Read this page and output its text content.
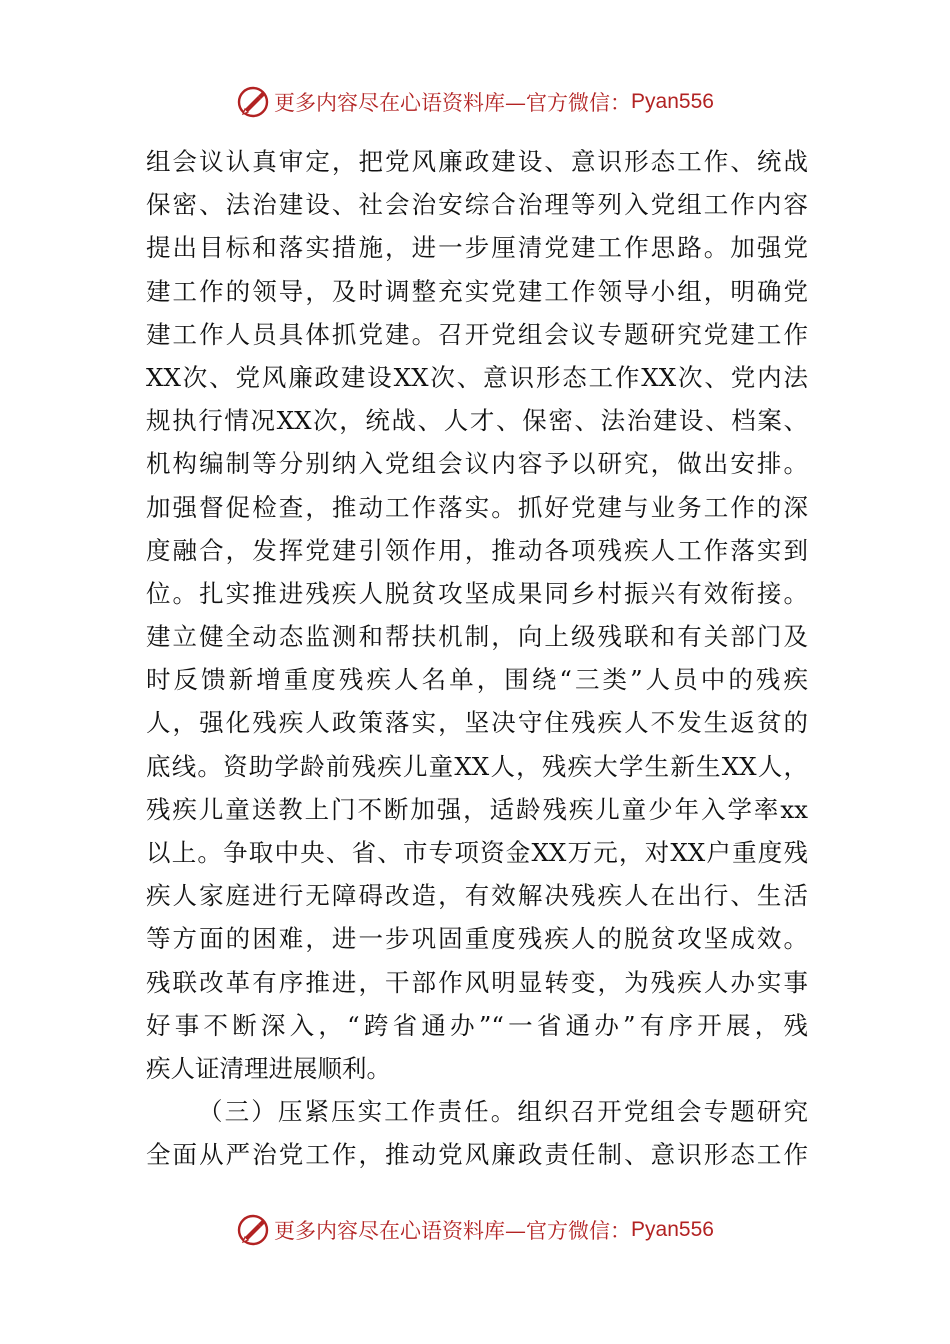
更多内容尽在心语资料库—官方微信： Pyan556
组会议认真审定，把党风廉政建设、意识形态工作、统战
保密、法治建设、社会治安综合治理等列入党组工作内容
提出目标和落实措施，进一步厘清党建工作思路。加强党
建工作的领导，及时调整充实党建工作领导小组，明确党
建工作人员具体抓党建。召开党组会议专题研究党建工作
XX次、党风廉政建设XX次、意识形态工作XX次、党内法
规执行情况XX次，统战、人才、保密、法治建设、档案、
机构编制等分别纳入党组会议内容予以研究，做出安排。
加强督促检查，推动工作落实。抓好党建与业务工作的深
度融合，发挥党建引领作用，推动各项残疾人工作落实到
位。扎实推进残疾人脱贫攻坚成果同乡村振兴有效衔接。
建立健全动态监测和帮扶机制，向上级残联和有关部门及
时反馈新增重度残疾人名单，围绕“三类”人员中的残疾
人，强化残疾人政策落实，坚决守住残疾人不发生返贫的
底线。资助学龄前残疾儿童XX人，残疾大学生新生XX人，
残疾儿童送教上门不断加强，适龄残疾儿童少年入学率xx
以上。争取中央、省、市专项资金XX万元，对XX户重度残
疾人家庭进行无障碍改造，有效解决残疾人在出行、生活
等方面的困难，进一步巩固重度残疾人的脱贫攻坚成效。
残联改革有序推进，干部作风明显转变，为残疾人办实事
好事不断深入，“跨省通办”“一省通办”有序开展，残
疾人证清理进展顺利。
（三）压紧压实工作责任。组织召开党组会专题研究
全面从严治党工作，推动党风廉政责任制、意识形态工作
更多内容尽在心语资料库—官方微信： Pyan556
